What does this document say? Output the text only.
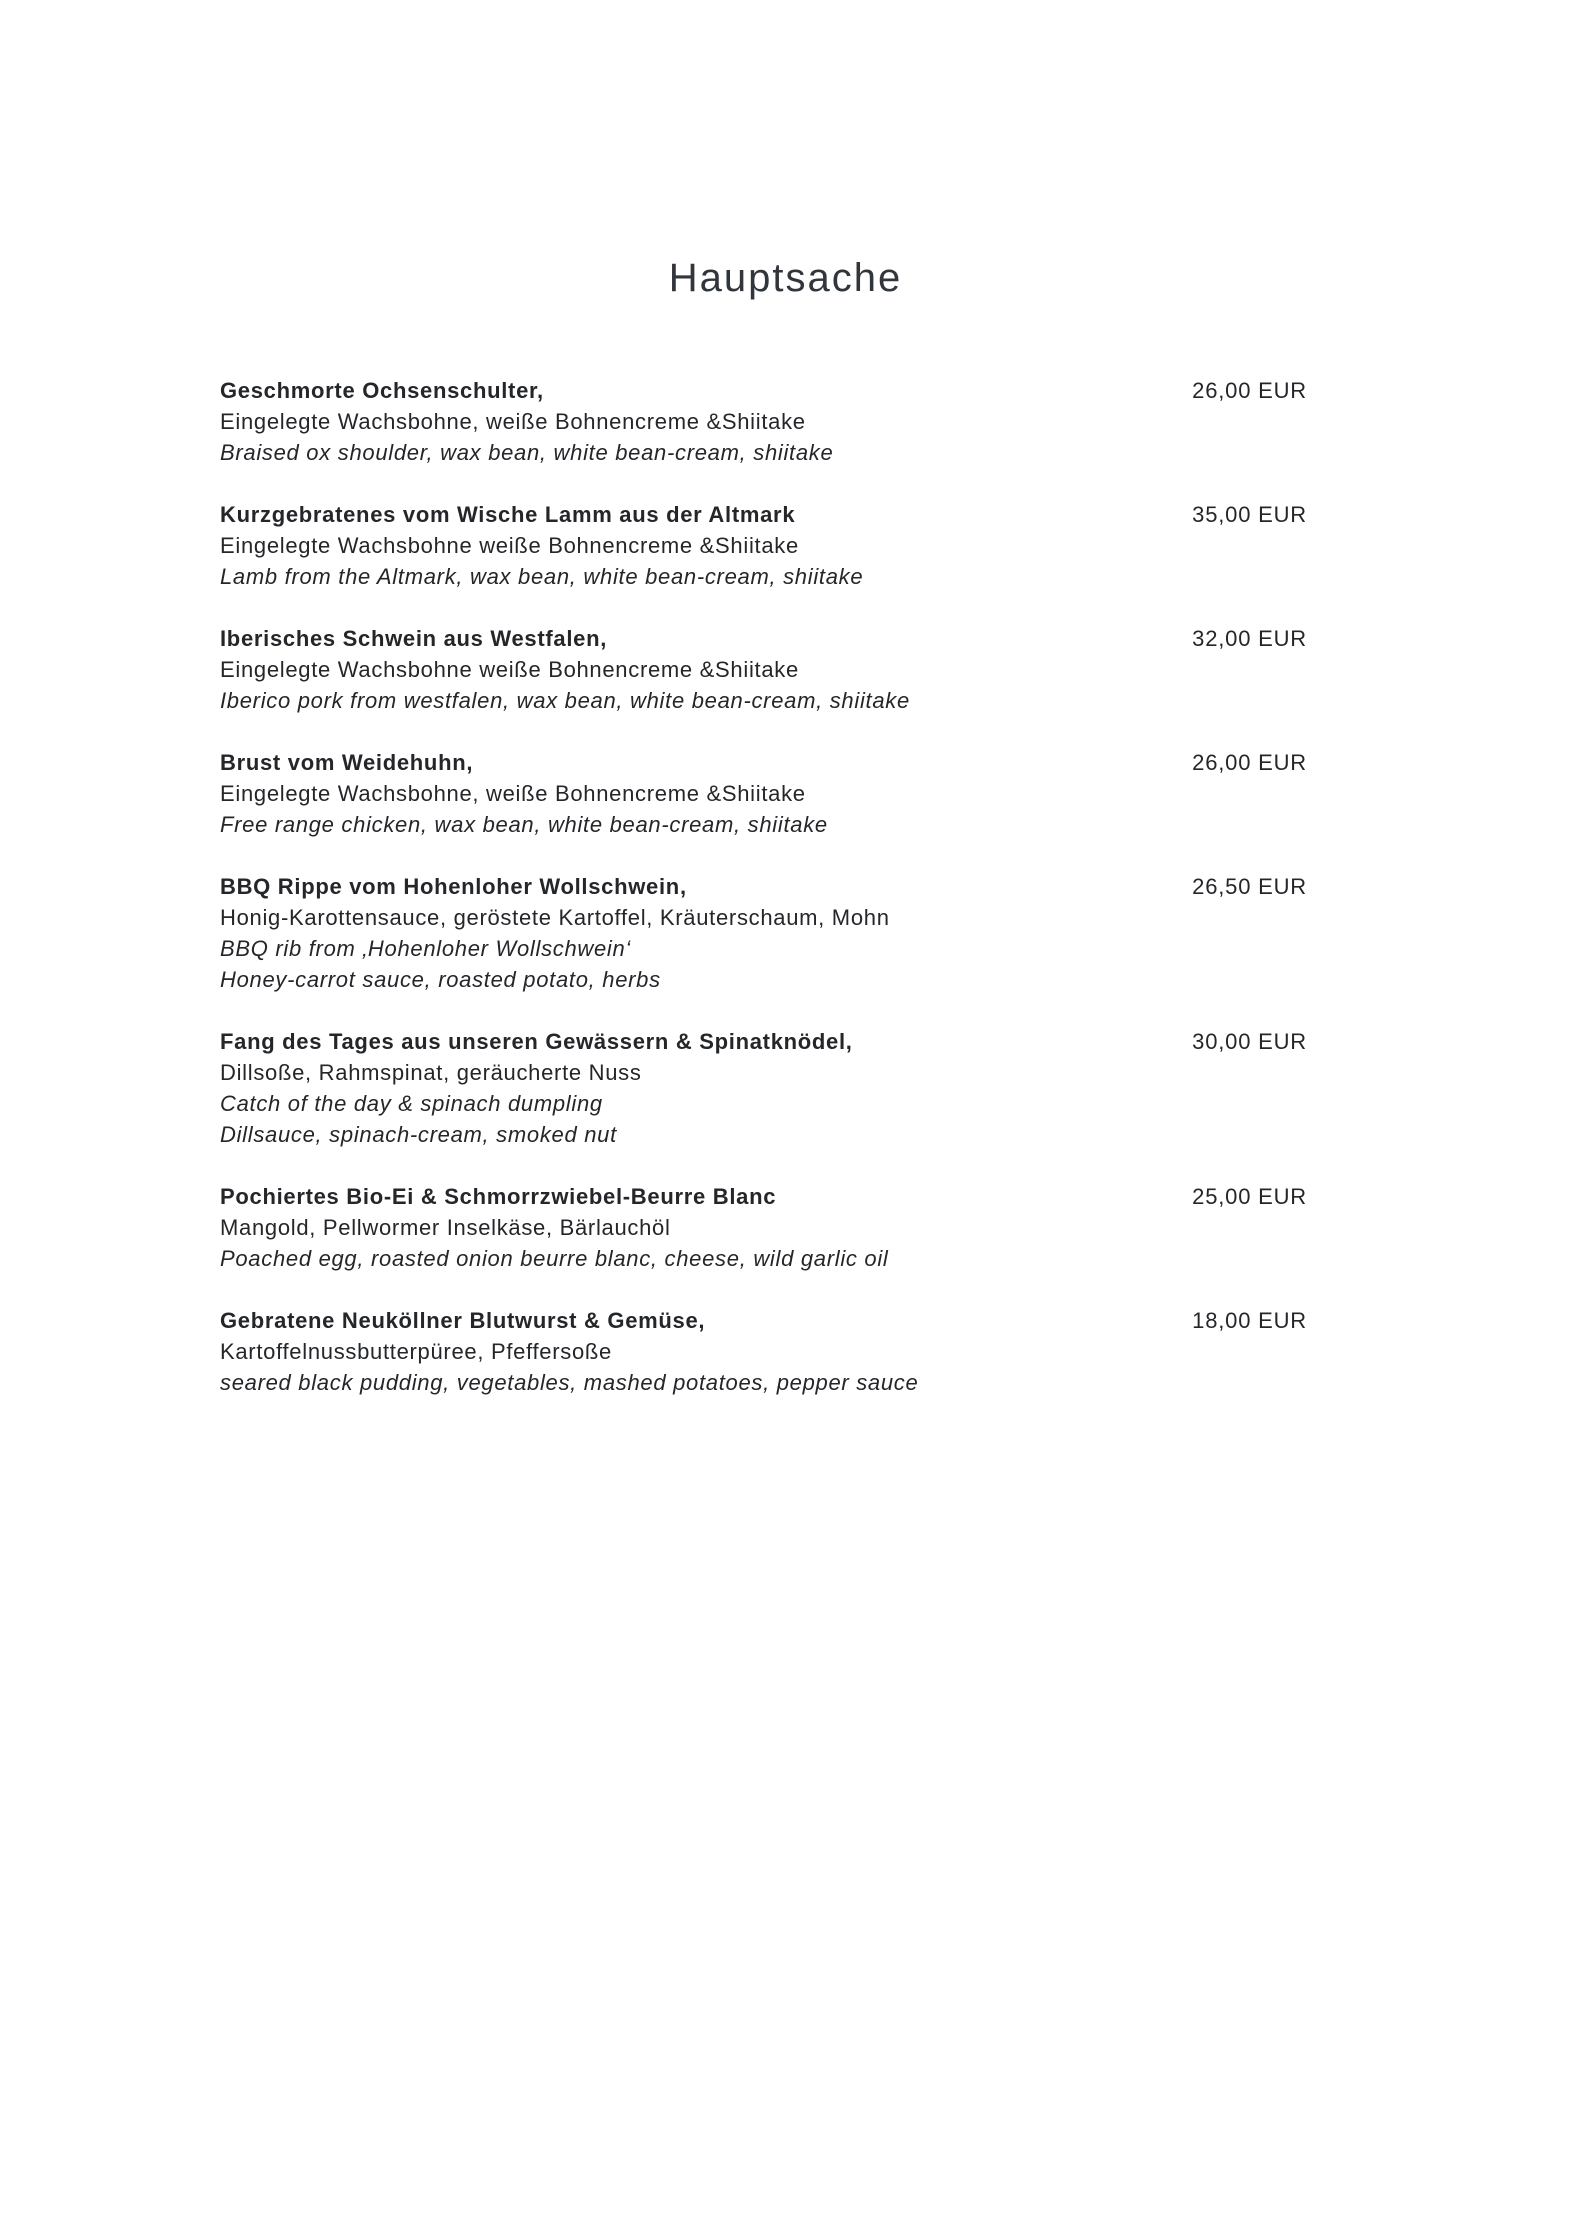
Hauptsache
Geschmorte Ochsenschulter,
Eingelegte Wachsbohne, weiße Bohnencreme &Shiitake
Braised ox shoulder, wax bean, white bean-cream, shiitake
26,00 EUR
Kurzgebratenes vom Wische Lamm aus der Altmark
Eingelegte Wachsbohne weiße Bohnencreme &Shiitake
Lamb from the Altmark, wax bean, white bean-cream, shiitake
35,00 EUR
Iberisches Schwein aus Westfalen,
Eingelegte Wachsbohne weiße Bohnencreme &Shiitake
Iberico pork from westfalen, wax bean, white bean-cream, shiitake
32,00 EUR
Brust vom Weidehuhn,
Eingelegte Wachsbohne, weiße Bohnencreme &Shiitake
Free range chicken, wax bean, white bean-cream, shiitake
26,00 EUR
BBQ Rippe vom Hohenloher Wollschwein,
Honig-Karottensauce, geröstete Kartoffel, Kräuterschaum, Mohn
BBQ rib from ‚Hohenloher Wollschwein‘
Honey-carrot sauce, roasted potato, herbs
26,50 EUR
Fang des Tages aus unseren Gewässern & Spinatknödel,
Dillsoße, Rahmspinat, geräucherte Nuss
Catch of the day & spinach dumpling
Dillsauce, spinach-cream, smoked nut
30,00 EUR
Pochiertes Bio-Ei & Schmorrzwiebel-Beurre Blanc
Mangold, Pellwormer Inselkäse, Bärlauchöl
Poached egg, roasted onion beurre blanc, cheese, wild garlic oil
25,00 EUR
Gebratene Neuköllner Blutwurst & Gemüse,
Kartoffelnussbutterpüree, Pfeffersoße
seared black pudding, vegetables, mashed potatoes, pepper sauce
18,00 EUR
